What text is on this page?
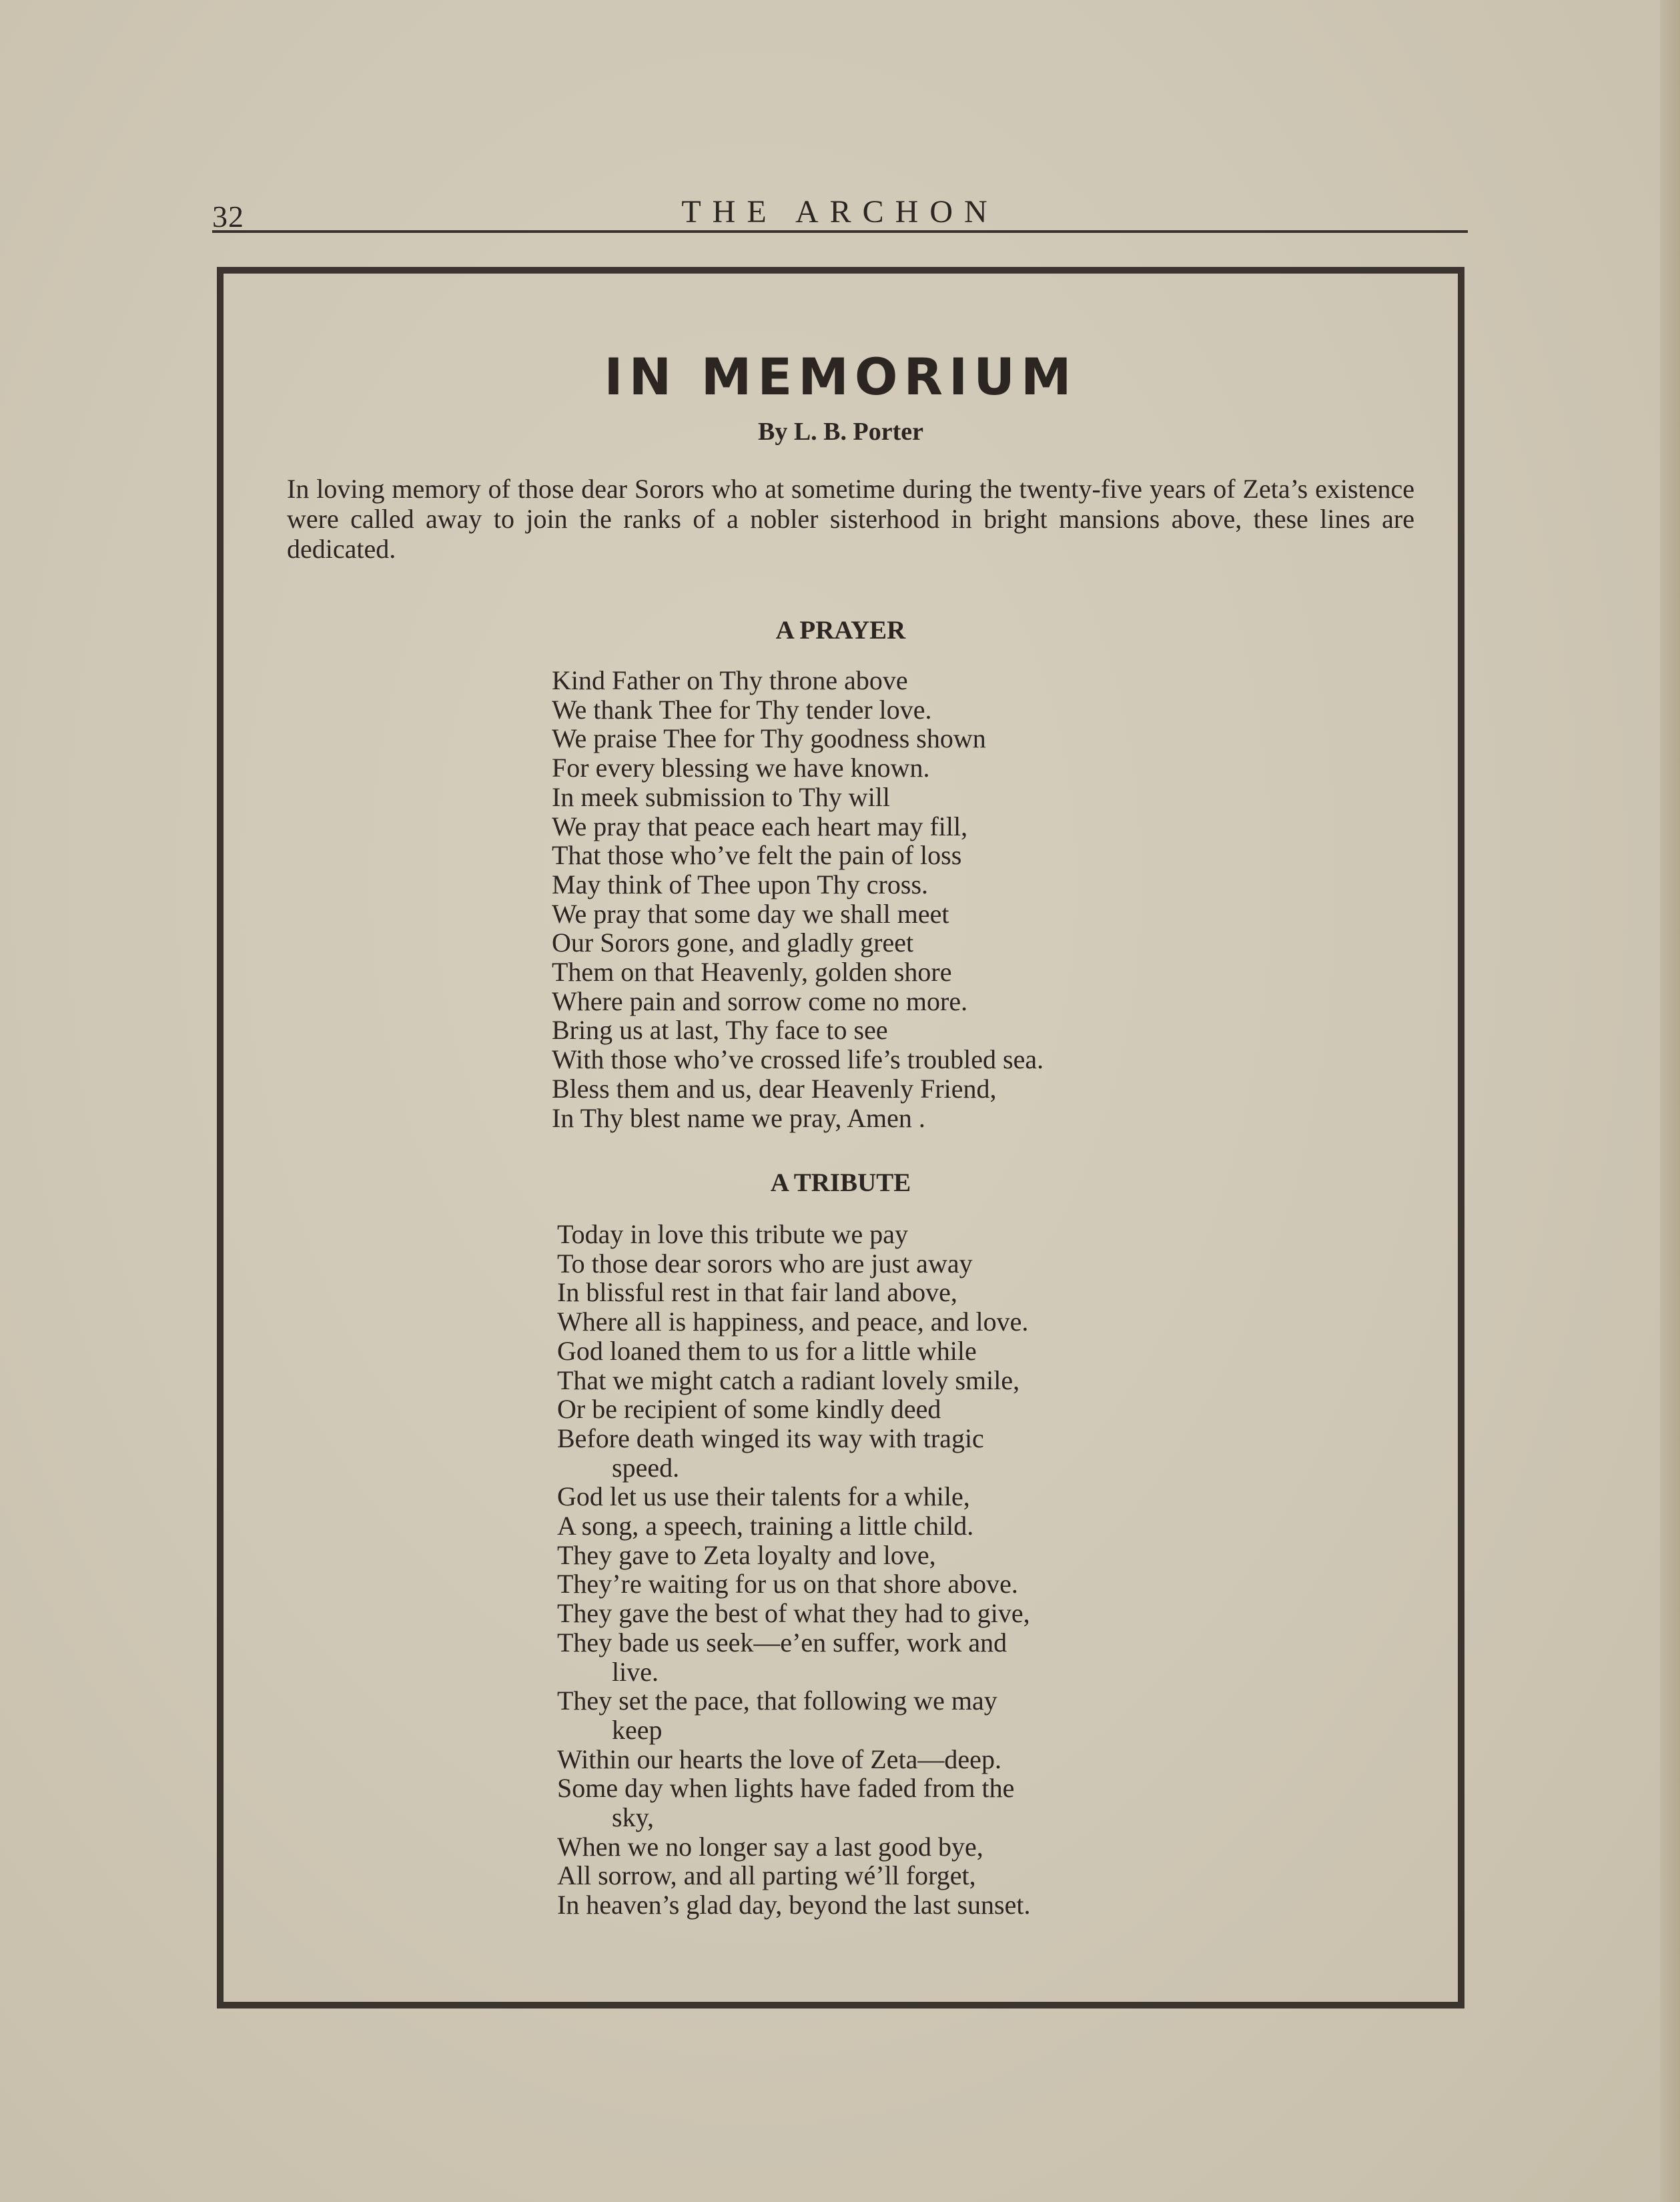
32	THE ARCHON
IN MEMORIUM
By L. B. Porter
In loving memory of those dear Sorors who at sometime during the twenty-five years of Zeta’s existence were called away to join the ranks of a nobler sisterhood in bright mansions above, these lines are dedicated.
A PRAYER
Kind Father on Thy throne above
We thank Thee for Thy tender love.
We praise Thee for Thy goodness shown
For every blessing we have known.
In meek submission to Thy will
We pray that peace each heart may fill,
That those who’ve felt the pain of loss
May think of Thee upon Thy cross.
We pray that some day we shall meet
Our Sorors gone, and gladly greet
Them on that Heavenly, golden shore
Where pain and sorrow come no more.
Bring us at last, Thy face to see
With those who’ve crossed life’s troubled sea.
Bless them and us, dear Heavenly Friend,
In Thy blest name we pray, Amen .
A TRIBUTE
Today in love this tribute we pay
To those dear sorors who are just away
In blissful rest in that fair land above,
Where all is happiness, and peace, and love.
God loaned them to us for a little while
That we might catch a radiant lovely smile,
Or be recipient of some kindly deed
Before death winged its way with tragic
speed.
God let us use their talents for a while,
A song, a speech, training a little child.
They gave to Zeta loyalty and love,
They’re waiting for us on that shore above.
They gave the best of what they had to give,
They bade us seek—e’en suffer, work and
live.
They set the pace, that following we may
keep
Within our hearts the love of Zeta—deep.
Some day when lights have faded from the
sky,
When we no longer say a last good bye,
All sorrow, and all parting wé’ll forget,
In heaven’s glad day, beyond the last sunset.
